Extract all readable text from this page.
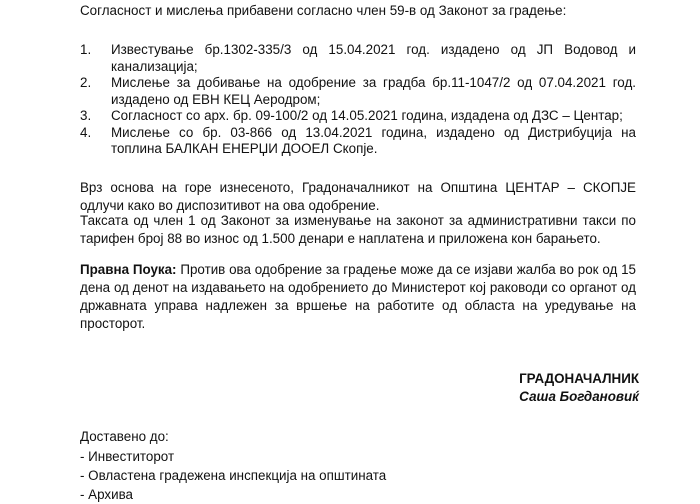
Согласност и мислења прибавени согласно член 59-в од Законот за градење:

1. Известување бр.1302-335/3 од 15.04.2021 год. издадено од ЈП Водовод и канализација;
2. Мислење за добивање на одобрение за градба бр.11-1047/2 од 07.04.2021 год. издадено од ЕВН КЕЦ Аеродром;
3. Согласност со арх. бр. 09-100/2 од 14.05.2021 година, издадена од ДЗС – Центар;
4. Мислење со бр. 03-866 од 13.04.2021 година, издадено од Дистрибуција на топлина БАЛКАН ЕНЕРЏИ ДООЕЛ Скопје.

Врз основа на горе изнесеното, Градоначалникот на Општина ЦЕНТАР – СКОПЈЕ одлучи како во диспозитивот на ова одобрение.

Таксата од член 1 од Законот за изменување на законот за административни такси по тарифен број 88 во износ од 1.500 денари е наплатена и приложена кон барањето.

Правна Поука: Против ова одобрение за градење може да се изјави жалба во рок од 15 дена од денот на издавањето на одобрението до Министерот кој раководи со органот од државната управа надлежен за вршење на работите од областа на уредување на просторот.

ГРАДОНАЧАЛНИК
Саша Богдановиќ

Доставено до:

- Инвеститорот
- Овластена градежена инспекција на општината
- Архива
